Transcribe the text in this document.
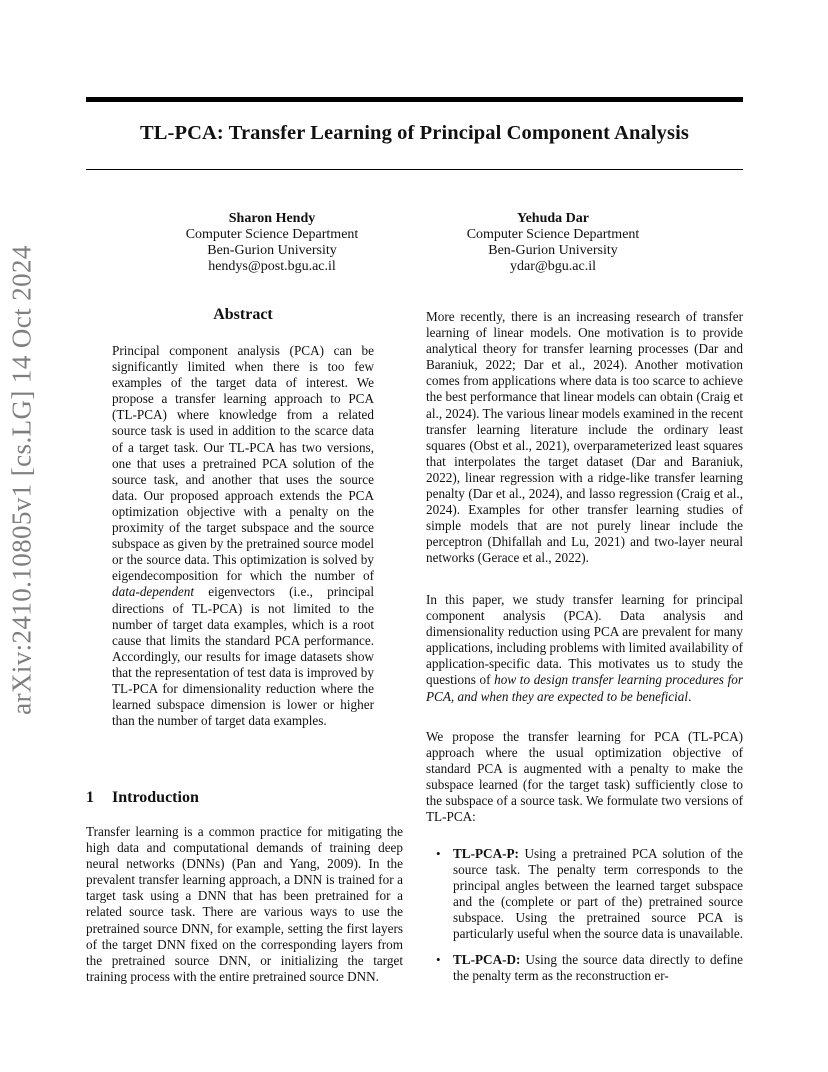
TL-PCA: Transfer Learning of Principal Component Analysis
Sharon Hendy
Computer Science Department
Ben-Gurion University
hendys@post.bgu.ac.il
Yehuda Dar
Computer Science Department
Ben-Gurion University
ydar@bgu.ac.il
arXiv:2410.10805v1 [cs.LG] 14 Oct 2024	Abstract

Principal component analysis (PCA) can be significantly limited when there is too few examples of the target data of interest. We propose a transfer learning approach to PCA (TL-PCA) where knowledge from a related source task is used in addition to the scarce data of a target task. Our TL-PCA has two versions, one that uses a pretrained PCA solution of the source task, and another that uses the source data. Our proposed approach extends the PCA optimization objective with a penalty on the proximity of the target subspace and the source subspace as given by the pretrained source model or the source data. This optimization is solved by eigendecomposition for which the number of data-dependent eigenvectors (i.e., principal directions of TL-PCA) is not limited to the number of target data examples, which is a root cause that limits the standard PCA performance. Accordingly, our results for image datasets show that the representation of test data is improved by TL-PCA for dimensionality reduction where the learned subspace dimension is lower or higher than the number of target data examples.

1 Introduction

Transfer learning is a common practice for mitigating the high data and computational demands of training deep neural networks (DNNs) (Pan and Yang, 2009). In the prevalent transfer learning approach, a DNN is trained for a target task using a DNN that has been pretrained for a related source task. There are various ways to use the pretrained source DNN, for example, setting the first layers of the target DNN fixed on the corresponding layers from the pretrained source DNN, or initializing the target training process with the entire pretrained source DNN.

More recently, there is an increasing research of transfer learning of linear models. One motivation is to provide analytical theory for transfer learning processes (Dar and Baraniuk, 2022; Dar et al., 2024). Another motivation comes from applications where data is too scarce to achieve the best performance that linear models can obtain (Craig et al., 2024). The various linear models examined in the recent transfer learning literature include the ordinary least squares (Obst et al., 2021), overparameterized least squares that interpolates the target dataset (Dar and Baraniuk, 2022), linear regression with a ridge-like transfer learning penalty (Dar et al., 2024), and lasso regression (Craig et al., 2024). Examples for other transfer learning studies of simple models that are not purely linear include the perceptron (Dhifallah and Lu, 2021) and two-layer neural networks (Gerace et al., 2022).

In this paper, we study transfer learning for principal component analysis (PCA). Data analysis and dimensionality reduction using PCA are prevalent for many applications, including problems with limited availability of application-specific data. This motivates us to study the questions of how to design transfer learning procedures for PCA, and when they are expected to be beneficial.

We propose the transfer learning for PCA (TL-PCA) approach where the usual optimization objective of standard PCA is augmented with a penalty to make the subspace learned (for the target task) sufficiently close to the subspace of a source task. We formulate two versions of TL-PCA:

• TL-PCA-P: Using a pretrained PCA solution of the source task. The penalty term corresponds to the principal angles between the learned target subspace and the (complete or part of the) pretrained source subspace. Using the pretrained source PCA is particularly useful when the source data is unavailable.
• TL-PCA-D: Using the source data directly to define the penalty term as the reconstruction er-
